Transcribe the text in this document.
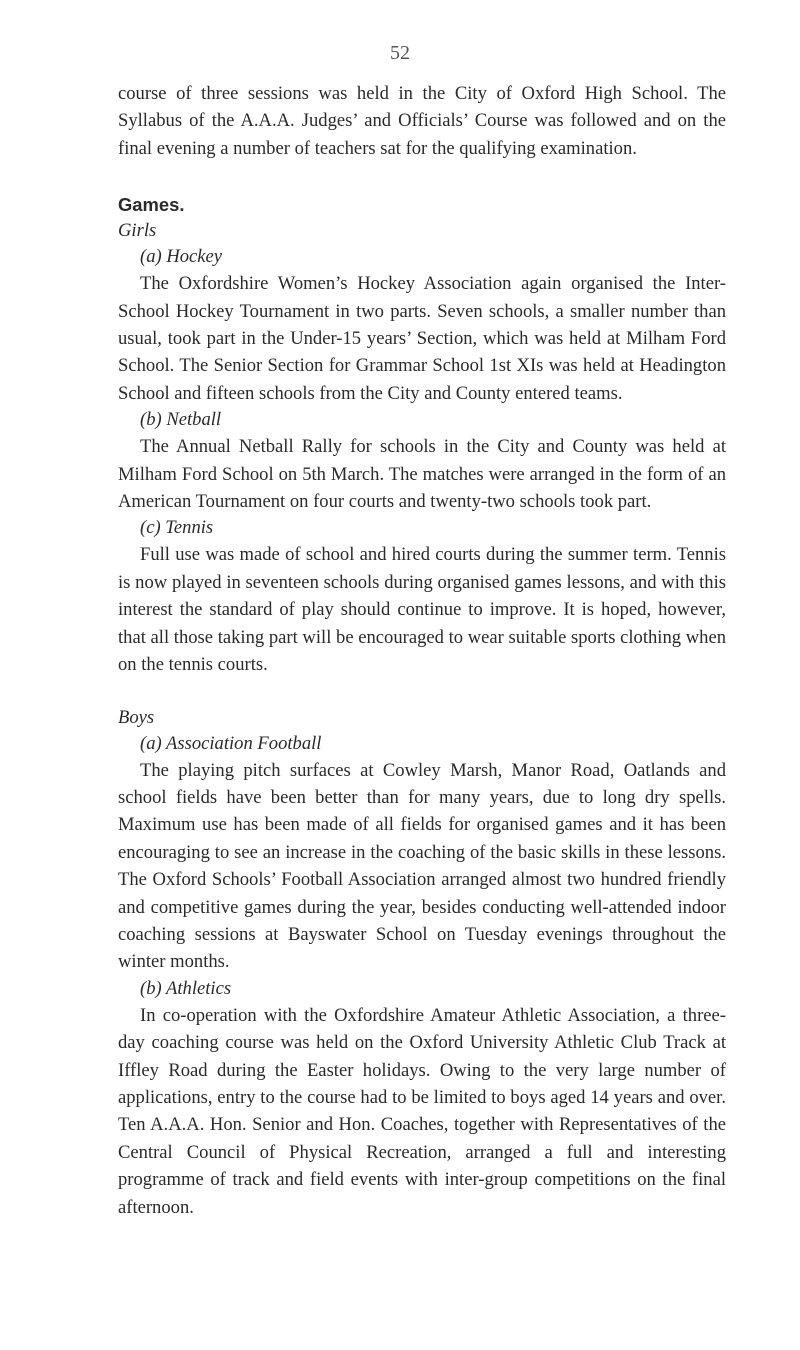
52

course of three sessions was held in the City of Oxford High School. The Syllabus of the A.A.A. Judges’ and Officials’ Course was followed and on the final evening a number of teachers sat for the qualifying examination.

Games.
Girls
(a) Hockey

The Oxfordshire Women’s Hockey Association again organised the Inter-School Hockey Tournament in two parts. Seven schools, a smaller number than usual, took part in the Under-15 years’ Section, which was held at Milham Ford School. The Senior Section for Grammar School 1st XIs was held at Headington School and fifteen schools from the City and County entered teams.

(b) Netball

The Annual Netball Rally for schools in the City and County was held at Milham Ford School on 5th March. The matches were arranged in the form of an American Tournament on four courts and twenty-two schools took part.

(c) Tennis

Full use was made of school and hired courts during the summer term. Tennis is now played in seventeen schools during organised games lessons, and with this interest the standard of play should continue to improve. It is hoped, however, that all those taking part will be encouraged to wear suitable sports clothing when on the tennis courts.

Boys
(a) Association Football

The playing pitch surfaces at Cowley Marsh, Manor Road, Oatlands and school fields have been better than for many years, due to long dry spells. Maximum use has been made of all fields for organised games and it has been encouraging to see an increase in the coaching of the basic skills in these lessons. The Oxford Schools’ Football Association arranged almost two hundred friendly and competitive games during the year, besides conducting well-attended indoor coaching sessions at Bayswater School on Tuesday evenings throughout the winter months.

(b) Athletics

In co-operation with the Oxfordshire Amateur Athletic Association, a three-day coaching course was held on the Oxford University Athletic Club Track at Iffley Road during the Easter holidays. Owing to the very large number of applications, entry to the course had to be limited to boys aged 14 years and over. Ten A.A.A. Hon. Senior and Hon. Coaches, together with Representatives of the Central Council of Physical Recreation, arranged a full and interesting programme of track and field events with inter-group competitions on the final afternoon.
